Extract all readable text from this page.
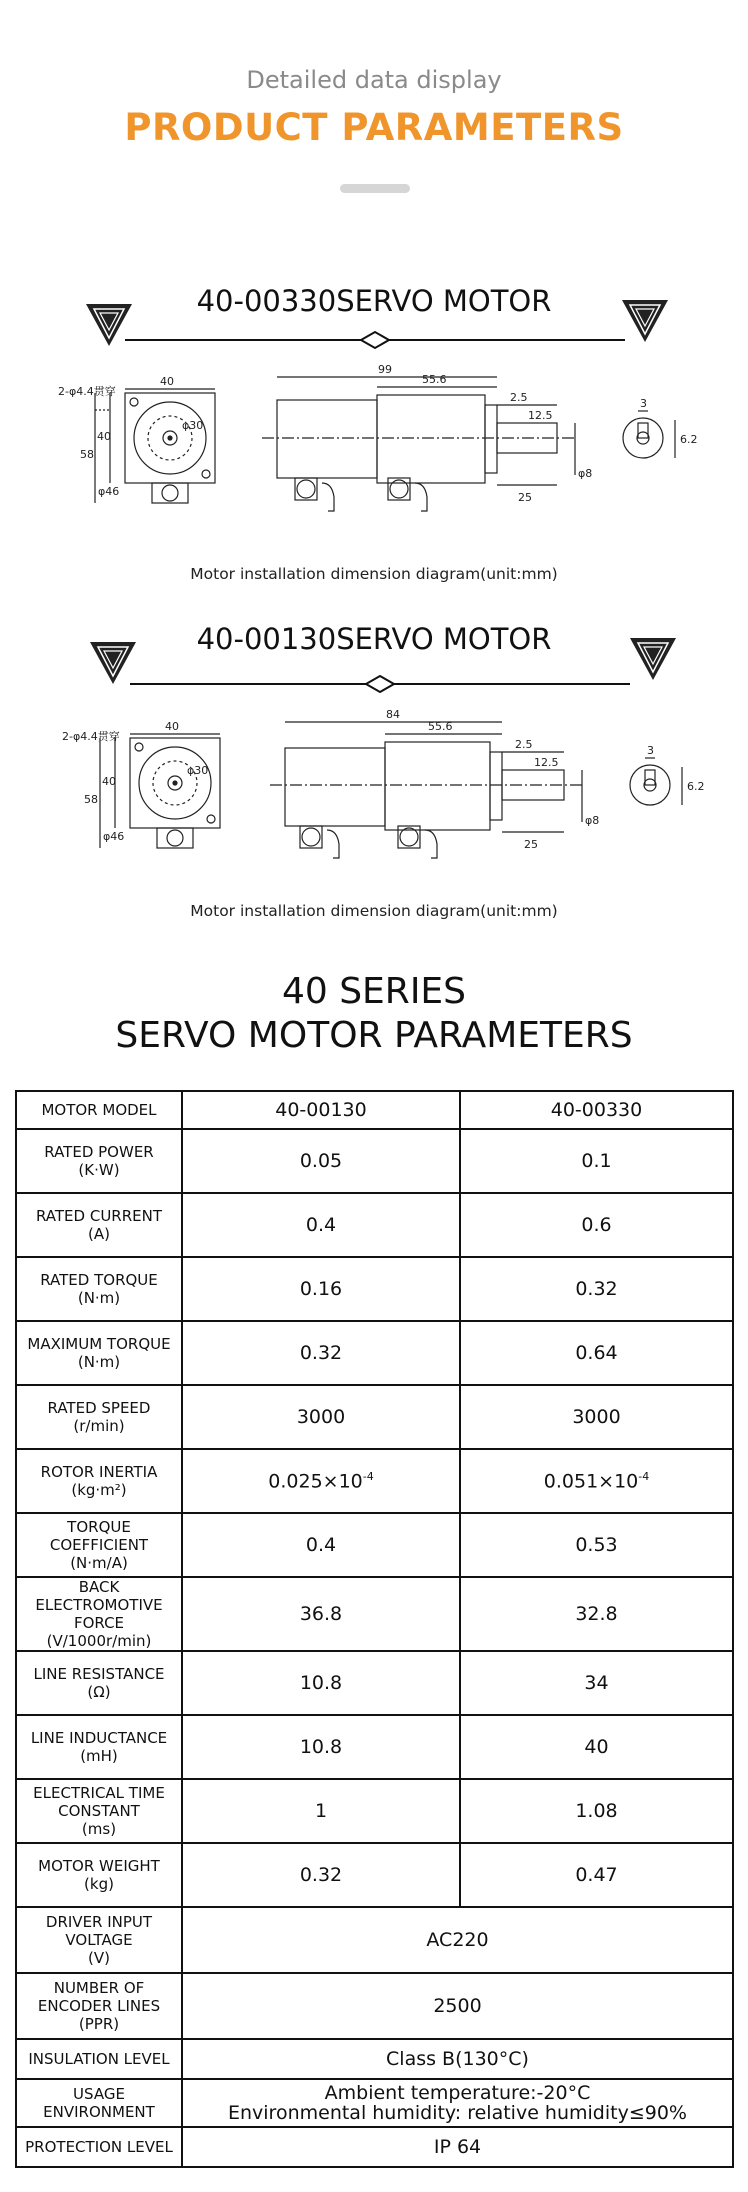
Detailed data display
PRODUCT PARAMETERS
40-00330SERVO MOTOR
2-φ4.4贯穿
40
58
40
φ30
φ46
99
55.6
2.5
12.5
25
φ8
3
6.2
Motor installation dimension diagram(unit:mm)
40-00130SERVO MOTOR
2-φ4.4贯穿
40
58
40
φ30
φ46
84
55.6
2.5
12.5
25
φ8
3
6.2
Motor installation dimension diagram(unit:mm)
40 SERIES
SERVO MOTOR PARAMETERS
MOTOR MODEL	40-00130	40-00330

RATED POWER
(K·W)	0.05	0.1

RATED CURRENT
(A)	0.4	0.6

RATED TORQUE
(N·m)	0.16	0.32

MAXIMUM TORQUE
(N·m)	0.32	0.64

RATED SPEED
(r/min)	3000	3000

ROTOR INERTIA
(kg·m²)	$0.025\times 10^{-4}$	$0.051\times 10^{-4}$

TORQUE COEFFICIENT
(N·m/A)	0.4	0.53

BACK ELECTROMOTIVE FORCE
(V/1000r/min)	36.8	32.8

LINE RESISTANCE
(Ω)	10.8	34

LINE INDUCTANCE
(mH)	10.8	40

ELECTRICAL TIME CONSTANT
(ms)	1	1.08

MOTOR WEIGHT
(kg)	0.32	0.47

DRIVER INPUT VOLTAGE
(V)	AC220	

NUMBER OF ENCODER LINES
(PPR)	2500	

INSULATION LEVEL	Class B(130°C)	

USAGE ENVIRONMENT	Ambient temperature:-20°C
Environmental humidity: relative humidity≤90%	

PROTECTION LEVEL	IP 64	
